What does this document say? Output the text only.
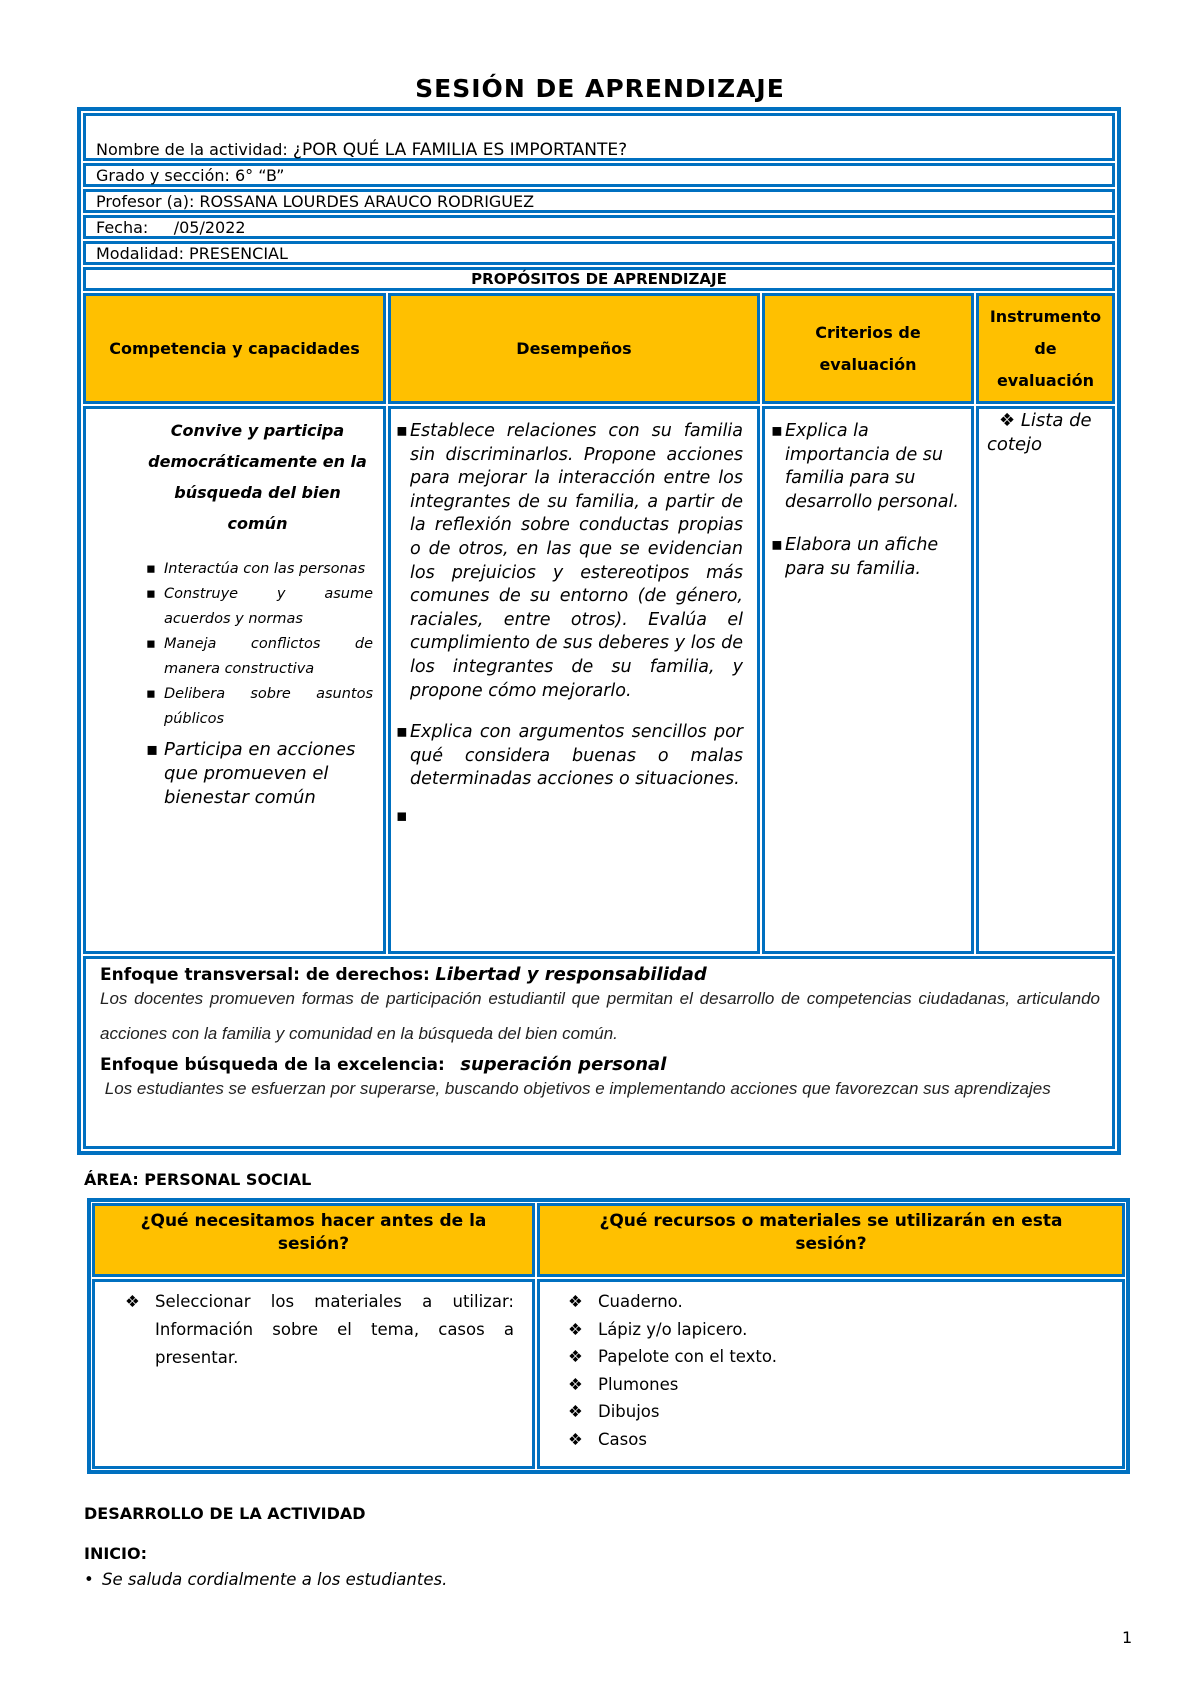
SESIÓN DE APRENDIZAJE
Nombre de la actividad: ¿POR QUÉ LA FAMILIA ES IMPORTANTE?
Grado y sección: 6° “B”
Profesor (a): ROSSANA LOURDES ARAUCO RODRIGUEZ
Fecha:     /05/2022
Modalidad: PRESENCIAL
PROPÓSITOS DE APRENDIZAJE
Competencia y capacidades	Desempeños
Criterios de evaluación
Instrumento de evaluación

Convive y participa democráticamente en la búsqueda del bien común

▪ Interactúa con las personas
▪ Construye y asume acuerdos y normas
▪ Maneja conflictos de manera constructiva
▪ Delibera sobre asuntos públicos
▪ Participa en acciones que promueven el bienestar común

▪ Establece relaciones con su familia sin discriminarlos. Propone acciones para mejorar la interacción entre los integrantes de su familia, a partir de la reflexión sobre conductas propias o de otros, en las que se evidencian los prejuicios y estereotipos más comunes de su entorno (de género, raciales, entre otros). Evalúa el cumplimiento de sus deberes y los de los integrantes de su familia, y propone cómo mejorarlo.

▪ Explica con argumentos sencillos por qué considera buenas o malas determinadas acciones o situaciones.

▪

▪ Explica la importancia de su familia para su desarrollo personal.

▪ Elabora un afiche para su familia.

❖ Lista de cotejo

Enfoque transversal: de derechos: Libertad y responsabilidad

Los docentes promueven formas de participación estudiantil que permitan el desarrollo de competencias ciudadanas, articulando acciones con la familia y comunidad en la búsqueda del bien común.

Enfoque búsqueda de la excelencia: superación personal

Los estudiantes se esfuerzan por superarse, buscando objetivos e implementando acciones que favorezcan sus aprendizajes

ÁREA: PERSONAL SOCIAL
¿Qué necesitamos hacer antes de la sesión?
¿Qué recursos o materiales se utilizarán en esta sesión?

❖ Seleccionar los materiales a utilizar: Información sobre el tema, casos a presentar.

❖ Cuaderno.
❖ Lápiz y/o lapicero.
❖ Papelote con el texto.
❖ Plumones
❖ Dibujos
❖ Casos
DESARROLLO DE LA ACTIVIDAD
INICIO:
• Se saluda cordialmente a los estudiantes.
1
